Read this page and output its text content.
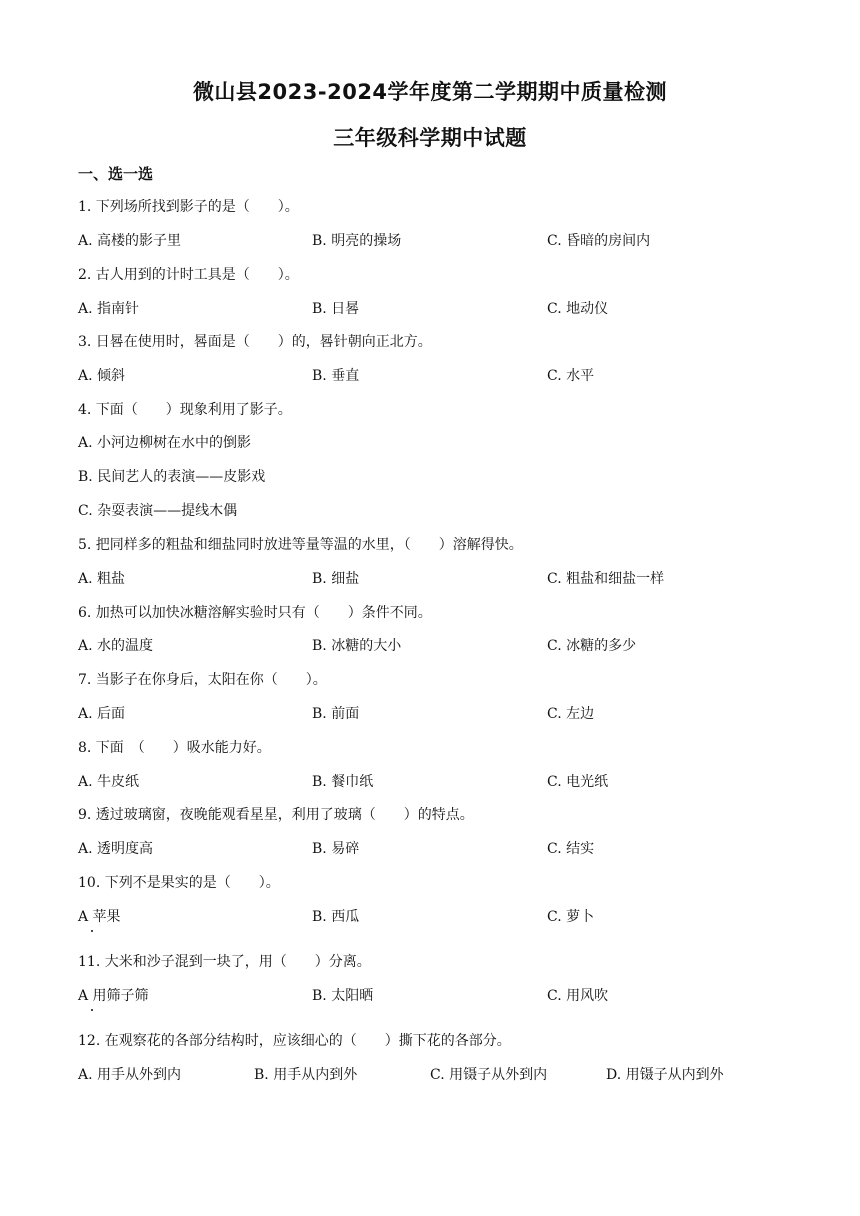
微山县2023-2024学年度第二学期期中质量检测
三年级科学期中试题
一、选一选
1. 下列场所找到影子的是（　　）。
A. 高楼的影子里	B. 明亮的操场	C. 昏暗的房间内
2. 古人用到的计时工具是（　　）。
A. 指南针	B. 日晷	C. 地动仪
3. 日晷在使用时，晷面是（　　）的，晷针朝向正北方。
A. 倾斜	B. 垂直	C. 水平
4. 下面（　　）现象利用了影子。
A. 小河边柳树在水中的倒影
B. 民间艺人的表演——皮影戏
C. 杂耍表演——提线木偶
5. 把同样多的粗盐和细盐同时放进等量等温的水里，（　　）溶解得快。
A. 粗盐	B. 细盐	C. 粗盐和细盐一样
6. 加热可以加快冰糖溶解实验时只有（　　）条件不同。
A. 水的温度	B. 冰糖的大小	C. 冰糖的多少
7. 当影子在你身后，太阳在你（　　）。
A. 后面	B. 前面	C. 左边
8. 下面　（　　）吸水能力好。
A. 牛皮纸	B. 餐巾纸	C. 电光纸
9. 透过玻璃窗，夜晚能观看星星，利用了玻璃（　　）的特点。
A. 透明度高	B. 易碎	C. 结实
10. 下列不是果实的是（　　）。
A 苹果	B. 西瓜	C. 萝卜
11. 大米和沙子混到一块了，用（　　）分离。
A 用筛子筛	B. 太阳晒	C. 用风吹
12. 在观察花的各部分结构时，应该细心的（　　）撕下花的各部分。
A. 用手从外到内	B. 用手从内到外	C. 用镊子从外到内	D. 用镊子从内到外
